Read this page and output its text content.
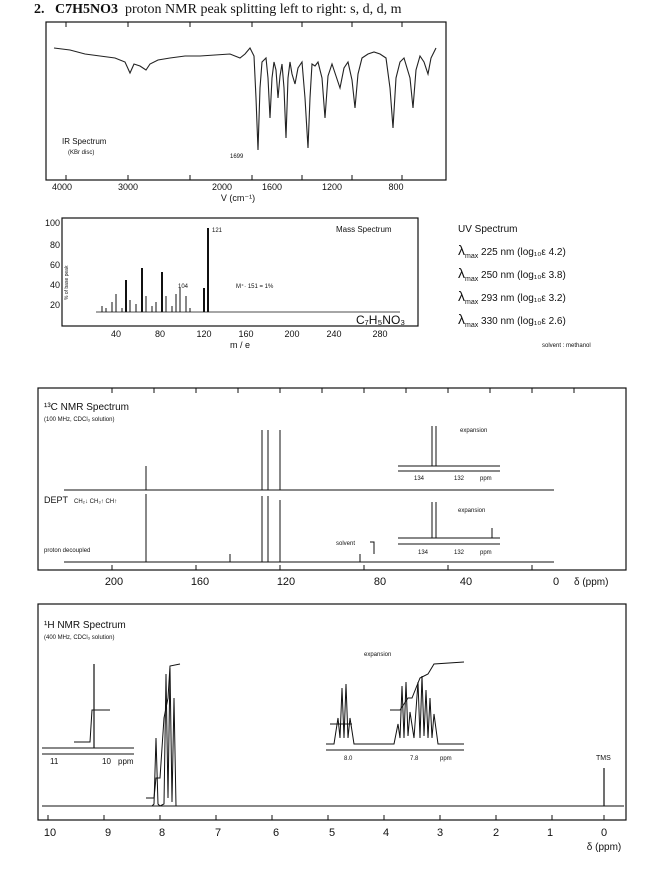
2. C7H5NO3 proton NMR peak splitting left to right: s, d, d, m
IR Spectrum
(KBr disc)
1699
4000	3000	2000	1600	1200	800
V (cm⁻¹)
% of base peak
100
80
60
40
20
121
104
Mass Spectrum
M⁺· 151 = 1%
C₇H₅NO₃
40	80	120	160	200	240	280
m / e
UV Spectrum
$\lambda_{max}$ 225 nm (log₁₀ε 4.2)
$\lambda_{max}$ 250 nm (log₁₀ε 3.8)
$\lambda_{max}$ 293 nm (log₁₀ε 3.2)
$\lambda_{max}$ 330 nm (log₁₀ε 2.6)
solvent : methanol
¹³C NMR Spectrum
(100 MHz, CDCl₃ solution)
expansion
134	132	ppm
DEPT CH₂↓ CH₃↑ CH↑
solvent
proton decoupled
expansion
134	132	ppm
200	160	120	80	40	0 δ (ppm)
¹H NMR Spectrum
(400 MHz, CDCl₃ solution)
11	10 ppm	TMS
expansion
8.0	7.8	ppm
10	9	8	7	6	5	4	3	2	1	0
δ (ppm)
